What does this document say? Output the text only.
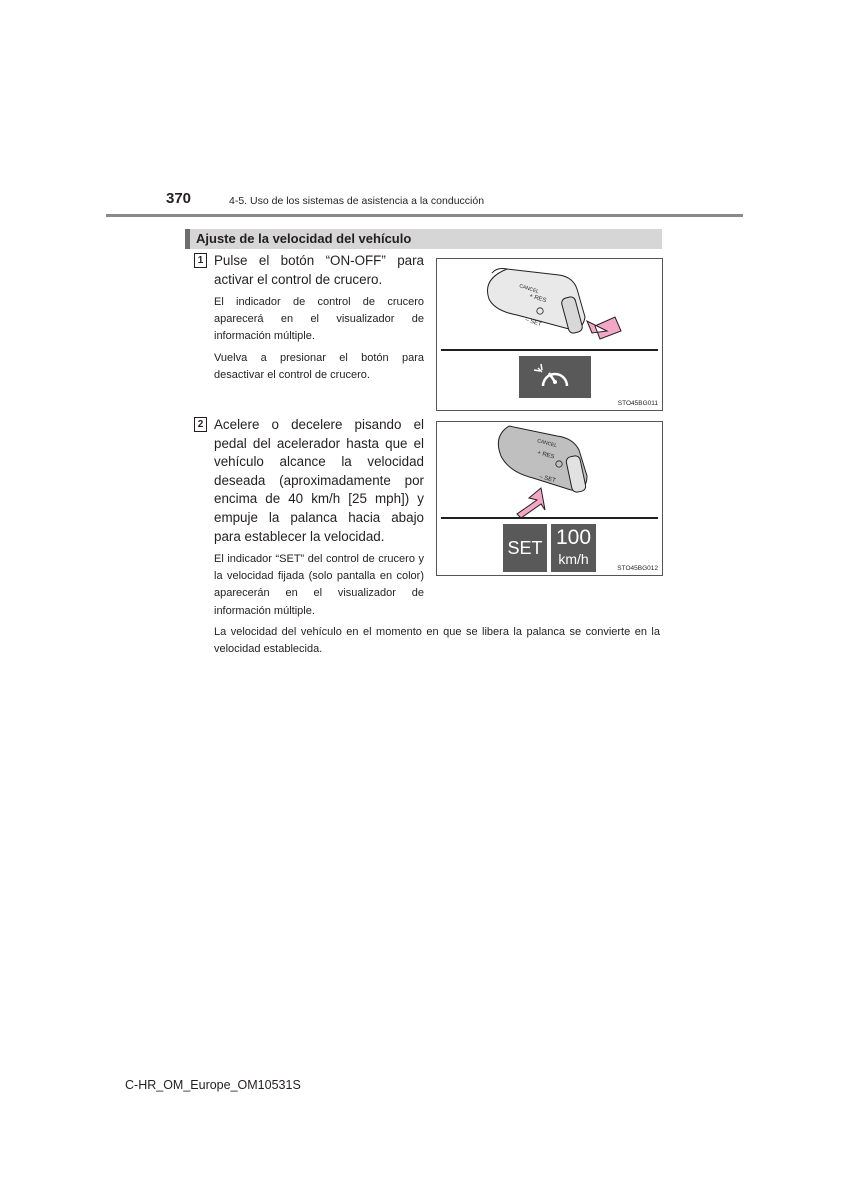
370	4-5. Uso de los sistemas de asistencia a la conducción
Ajuste de la velocidad del vehículo
1 Pulse el botón “ON-OFF” para activar el control de crucero.
El indicador de control de crucero aparecerá en el visualizador de información múltiple.
Vuelva a presionar el botón para desactivar el control de crucero.
CANCEL
+ RES
– SET
STO45BG011
2 Acelere o decelere pisando el pedal del acelerador hasta que el vehículo alcance la velocidad deseada (aproximadamente por encima de 40 km/h [25 mph]) y empuje la palanca hacia abajo para establecer la velocidad.
El indicador “SET” del control de crucero y la velocidad fijada (solo pantalla en color) aparecerán en el visualizador de información múltiple.
CANCEL
+ RES
– SET
SET 100
km/h
STO45BG012
La velocidad del vehículo en el momento en que se libera la palanca se convierte en la velocidad establecida.
C-HR_OM_Europe_OM10531S
